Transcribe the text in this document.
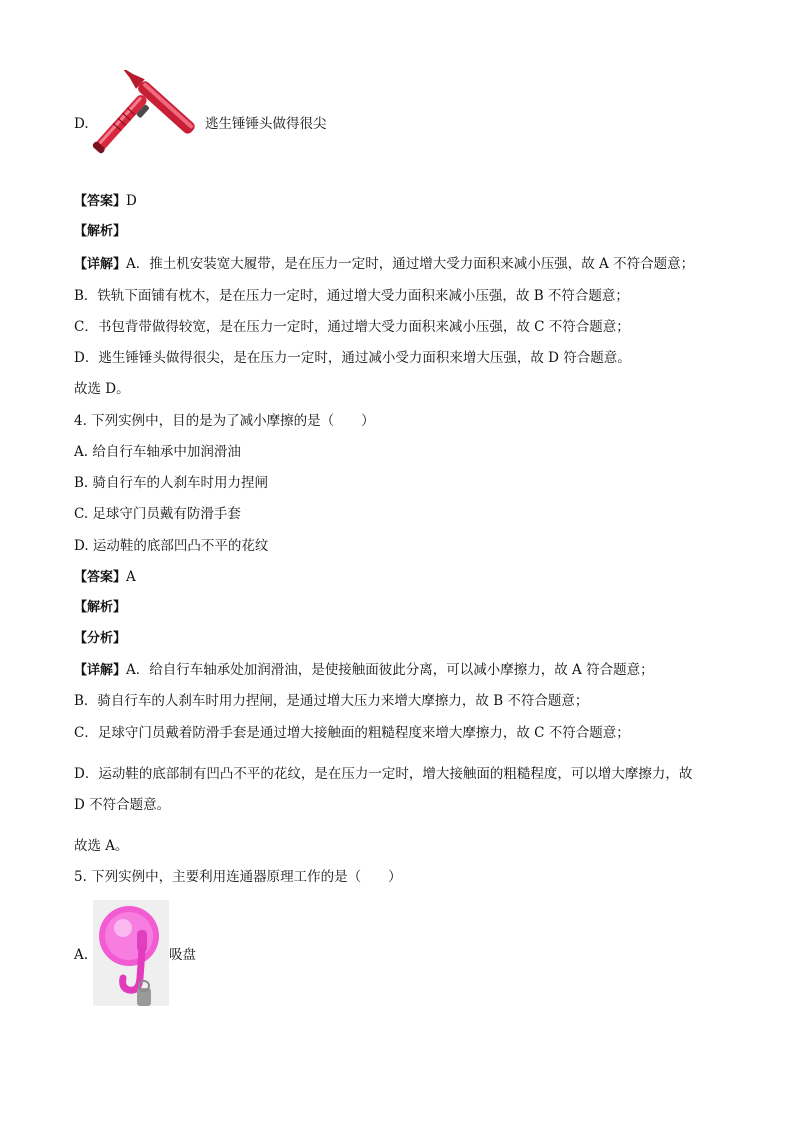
D.	逃生锤锤头做得很尖
【答案】D
【解析】
【详解】A．推土机安装宽大履带，是在压力一定时，通过增大受力面积来减小压强，故 A 不符合题意；
B．铁轨下面铺有枕木，是在压力一定时，通过增大受力面积来减小压强，故 B 不符合题意；
C．书包背带做得较宽，是在压力一定时，通过增大受力面积来减小压强，故 C 不符合题意；
D．逃生锤锤头做得很尖，是在压力一定时，通过减小受力面积来增大压强，故 D 符合题意。
故选 D。
4. 下列实例中，目的是为了减小摩擦的是（　　）
A. 给自行车轴承中加润滑油
B. 骑自行车的人刹车时用力捏闸
C. 足球守门员戴有防滑手套
D. 运动鞋的底部凹凸不平的花纹
【答案】A
【解析】
【分析】
【详解】A．给自行车轴承处加润滑油，是使接触面彼此分离，可以减小摩擦力，故 A 符合题意；
B．骑自行车的人刹车时用力捏闸，是通过增大压力来增大摩擦力，故 B 不符合题意；
C．足球守门员戴着防滑手套是通过增大接触面的粗糙程度来增大摩擦力，故 C 不符合题意；
D．运动鞋的底部制有凹凸不平的花纹，是在压力一定时，增大接触面的粗糙程度，可以增大摩擦力，故
D 不符合题意。
故选 A。
5. 下列实例中，主要利用连通器原理工作的是（　　）
A.	吸盘
